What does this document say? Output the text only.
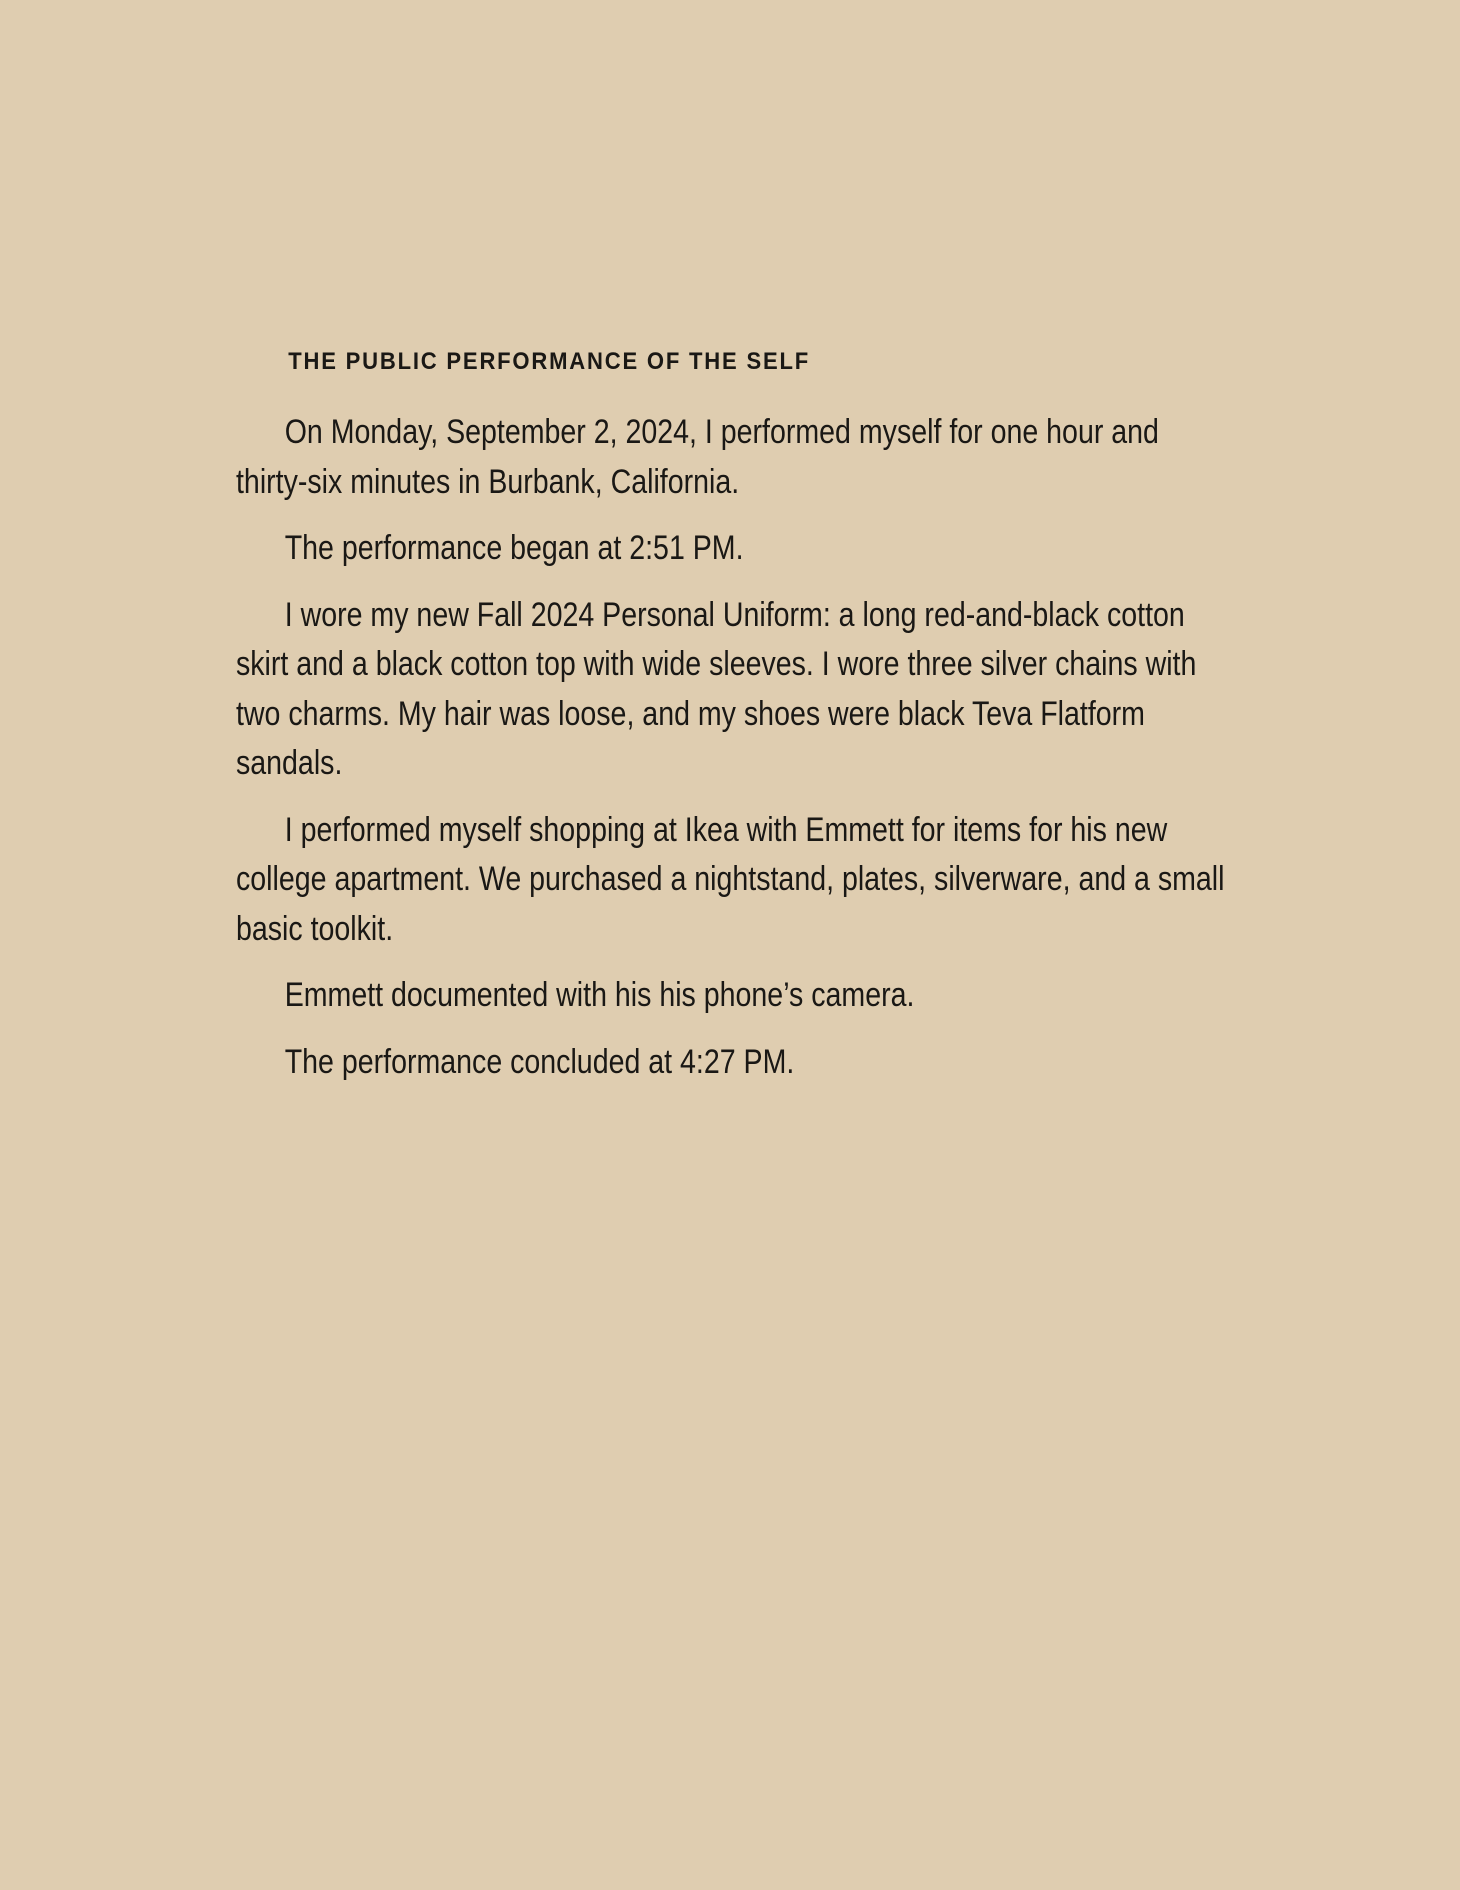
THE PUBLIC PERFORMANCE OF THE SELF

On Monday, September 2, 2024, I performed myself for one hour and thirty-six minutes in Burbank, California.

The performance began at 2:51 PM.

I wore my new Fall 2024 Personal Uniform: a long red-and-black cotton skirt and a black cotton top with wide sleeves. I wore three silver chains with two charms. My hair was loose, and my shoes were black Teva Flatform sandals.

I performed myself shopping at Ikea with Emmett for items for his new college apartment. We purchased a nightstand, plates, silverware, and a small basic toolkit.

Emmett documented with his his phone’s camera.

The performance concluded at 4:27 PM.
